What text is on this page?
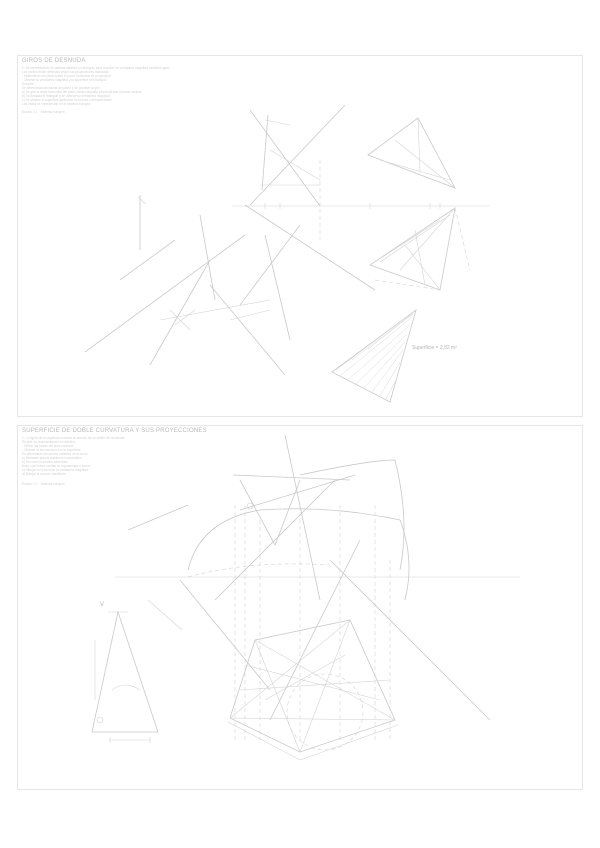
GIROS DE DESNUDA
1. Se representa en el sistema diédrico un triángulo para resolver en verdadera magnitud mediante giros
Los puntos están definidos según las proyecciones indicadas
· Abatimiento del plano sobre el plano horizontal de proyección
· Obtener la verdadera magnitud y la superficie del triángulo
Solución
Se determinan las trazas del plano y se procede al giro
a) Se gira la recta horizontal del plano hasta colocarla perpendicular al plano vertical
b) Se traslada el triángulo y se obtiene su verdadera magnitud
c) Se obtiene la superficie aplicando la fórmula correspondiente
Las vistas se representan en el sistema europeo
Escala: 1:1 · Sistema europeo
SUPERFICIE DE DOBLE CURVATURA Y SUS PROYECCIONES
1. La figura de la izquierda muestra la sección de un sólido de revolución
Se pide su representación en diédrico
· Definir las trazas del plano secante
· Obtener la intersección con la superficie
Se determinan los puntos notables de la curva
a) Mediante planos auxiliares horizontales
b) Se unen los puntos obtenidos
Nota: Las líneas ocultas se representan a trazos
c) Dibujar con precisión la verdadera magnitud
d) Dibujar la sección resultante
Escala: 1:1 · Sistema europeo
Superficie = 2,82 m²
V
